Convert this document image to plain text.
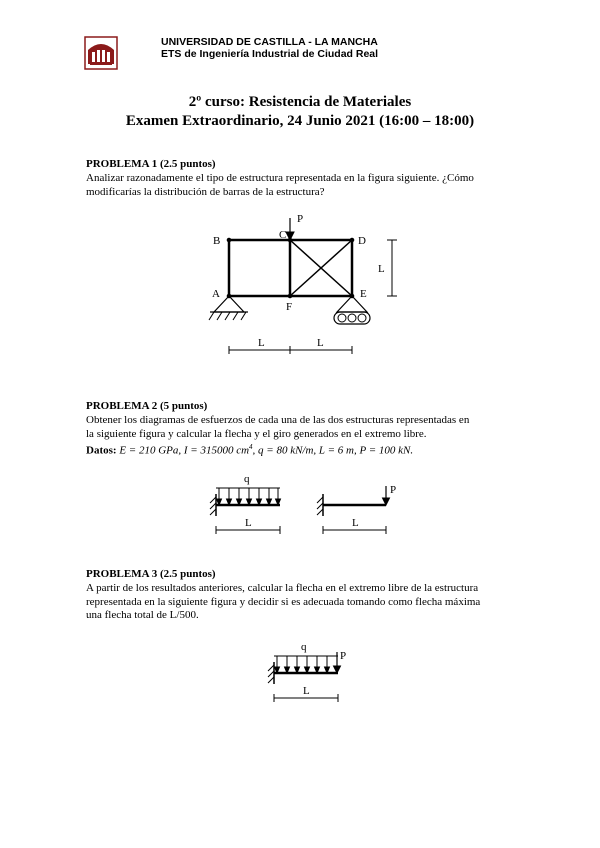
UNIVERSIDAD DE CASTILLA - LA MANCHA
ETS de Ingeniería Industrial de Ciudad Real
2º curso: Resistencia de Materiales
Examen Extraordinario, 24 Junio 2021 (16:00 – 18:00)
PROBLEMA 1 (2.5 puntos)
Analizar razonadamente el tipo de estructura representada en la figura siguiente. ¿Cómo
modificarías la distribución de barras de la estructura?
B	C	D
A
F
E
P
L
L	L
q
L
P
L
q
P
L
PROBLEMA 2 (5 puntos)
Obtener los diagramas de esfuerzos de cada una de las dos estructuras representadas en
la siguiente figura y calcular la flecha y el giro generados en el extremo libre.
Datos: E = 210 GPa, I = 315000 $cm^4$, q = 80 kN/m, L = 6 m, P = 100 kN.
PROBLEMA 3 (2.5 puntos)
A partir de los resultados anteriores, calcular la flecha en el extremo libre de la estructura
representada en la siguiente figura y decidir si es adecuada tomando como flecha máxima
una flecha total de L/500.
